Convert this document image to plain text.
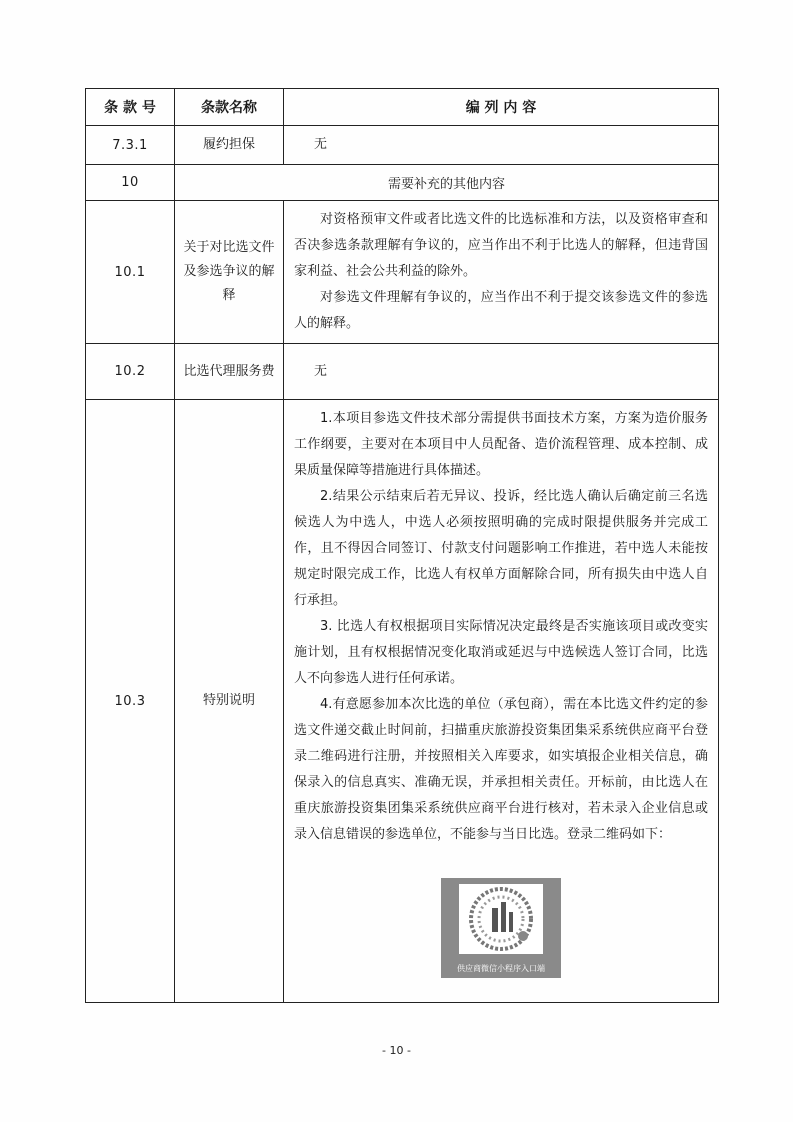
条 款 号	条款名称	编 列 内 容
7.3.1	履约担保	无
10	需要补充的其他内容	
10.1	关于对比选文件及参选争议的解释	对资格预审文件或者比选文件的比选标准和方法，以及资格审查和否决参选条款理解有争议的，应当作出不利于比选人的解释，但违背国家利益、社会公共利益的除外。

对参选文件理解有争议的，应当作出不利于提交该参选文件的参选人的解释。

10.2	比选代理服务费	无
10.3	特别说明	1.本项目参选文件技术部分需提供书面技术方案，方案为造价服务工作纲要，主要对在本项目中人员配备、造价流程管理、成本控制、成果质量保障等措施进行具体描述。

2.结果公示结束后若无异议、投诉，经比选人确认后确定前三名选候选人为中选人，中选人必须按照明确的完成时限提供服务并完成工作，且不得因合同签订、付款支付问题影响工作推进，若中选人未能按规定时限完成工作，比选人有权单方面解除合同，所有损失由中选人自行承担。

3. 比选人有权根据项目实际情况决定最终是否实施该项目或改变实施计划，且有权根据情况变化取消或延迟与中选候选人签订合同，比选人不向参选人进行任何承诺。

4.有意愿参加本次比选的单位（承包商），需在本比选文件约定的参选文件递交截止时间前，扫描重庆旅游投资集团集采系统供应商平台登录二维码进行注册，并按照相关入库要求，如实填报企业相关信息，确保录入的信息真实、准确无误，并承担相关责任。开标前，由比选人在重庆旅游投资集团集采系统供应商平台进行核对，若未录入企业信息或录入信息错误的参选单位，不能参与当日比选。登录二维码如下：

供应商微信小程序入口端
- 10 -
